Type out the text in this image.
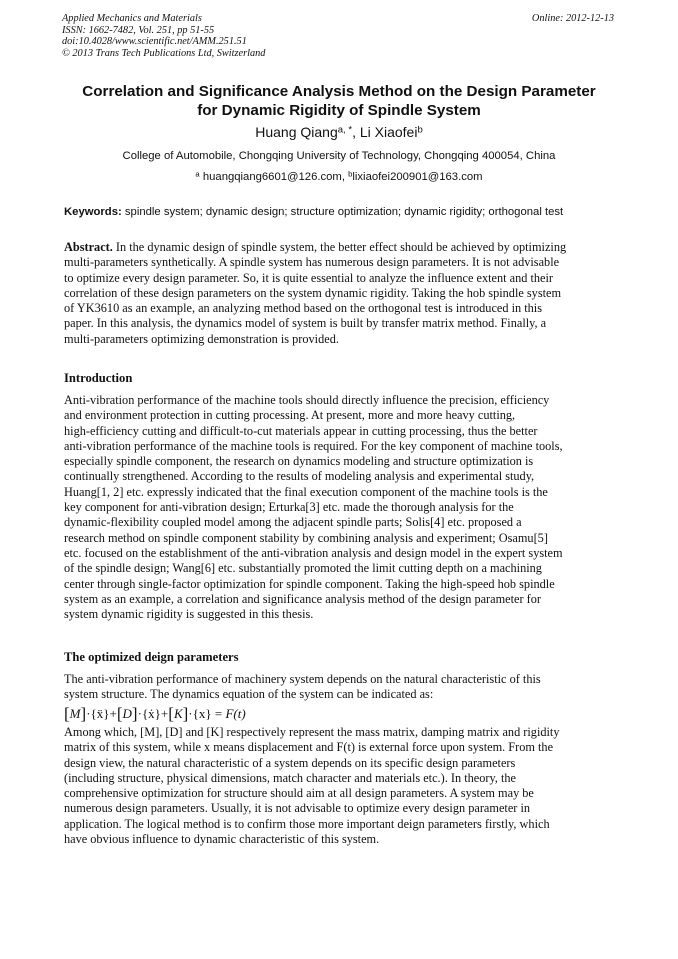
Applied Mechanics and Materials
ISSN: 1662-7482, Vol. 251, pp 51-55
doi:10.4028/www.scientific.net/AMM.251.51
© 2013 Trans Tech Publications Ltd, Switzerland
Online: 2012-12-13
Correlation and Significance Analysis Method on the Design Parameter
for Dynamic Rigidity of Spindle System
Huang Qiang$^{a, *}$, Li Xiaofei$^b$
College of Automobile, Chongqing University of Technology, Chongqing 400054, China
$^a$ huangqiang6601@126.com, $^b$lixiaofei200901@163.com
Keywords: spindle system; dynamic design; structure optimization; dynamic rigidity; orthogonal test

Abstract. In the dynamic design of spindle system, the better effect should be achieved by optimizing

multi-parameters synthetically. A spindle system has numerous design parameters. It is not advisable

to optimize every design parameter. So, it is quite essential to analyze the influence extent and their

correlation of these design parameters on the system dynamic rigidity. Taking the hob spindle system

of YK3610 as an example, an analyzing method based on the orthogonal test is introduced in this

paper. In this analysis, the dynamics model of system is built by transfer matrix method. Finally, a

multi-parameters optimizing demonstration is provided.

Introduction

Anti-vibration performance of the machine tools should directly influence the precision, efficiency

and environment protection in cutting processing. At present, more and more heavy cutting,

high-efficiency cutting and difficult-to-cut materials appear in cutting processing, thus the better

anti-vibration performance of the machine tools is required. For the key component of machine tools,

especially spindle component, the research on dynamics modeling and structure optimization is

continually strengthened. According to the results of modeling analysis and experimental study,

Huang[1, 2] etc. expressly indicated that the final execution component of the machine tools is the

key component for anti-vibration design; Erturka[3] etc. made the thorough analysis for the

dynamic-flexibility coupled model among the adjacent spindle parts; Solis[4] etc. proposed a

research method on spindle component stability by combining analysis and experiment; Osamu[5]

etc. focused on the establishment of the anti-vibration analysis and design model in the expert system

of the spindle design; Wang[6] etc. substantially promoted the limit cutting depth on a machining

center through single-factor optimization for spindle component. Taking the high-speed hob spindle

system as an example, a correlation and significance analysis method of the design parameter for

system dynamic rigidity is suggested in this thesis.

The optimized deign parameters

The anti-vibration performance of machinery system depends on the natural characteristic of this

system structure. The dynamics equation of the system can be indicated as:

[M]·{ẍ}+[D]·{ẋ}+[K]·{x} = F(t)

Among which, [M], [D] and [K] respectively represent the mass matrix, damping matrix and rigidity

matrix of this system, while x means displacement and F(t) is external force upon system. From the

design view, the natural characteristic of a system depends on its specific design parameters

(including structure, physical dimensions, match character and materials etc.). In theory, the

comprehensive optimization for structure should aim at all design parameters. A system may be

numerous design parameters. Usually, it is not advisable to optimize every design parameter in

application. The logical method is to confirm those more important deign parameters firstly, which

have obvious influence to dynamic characteristic of this system.
